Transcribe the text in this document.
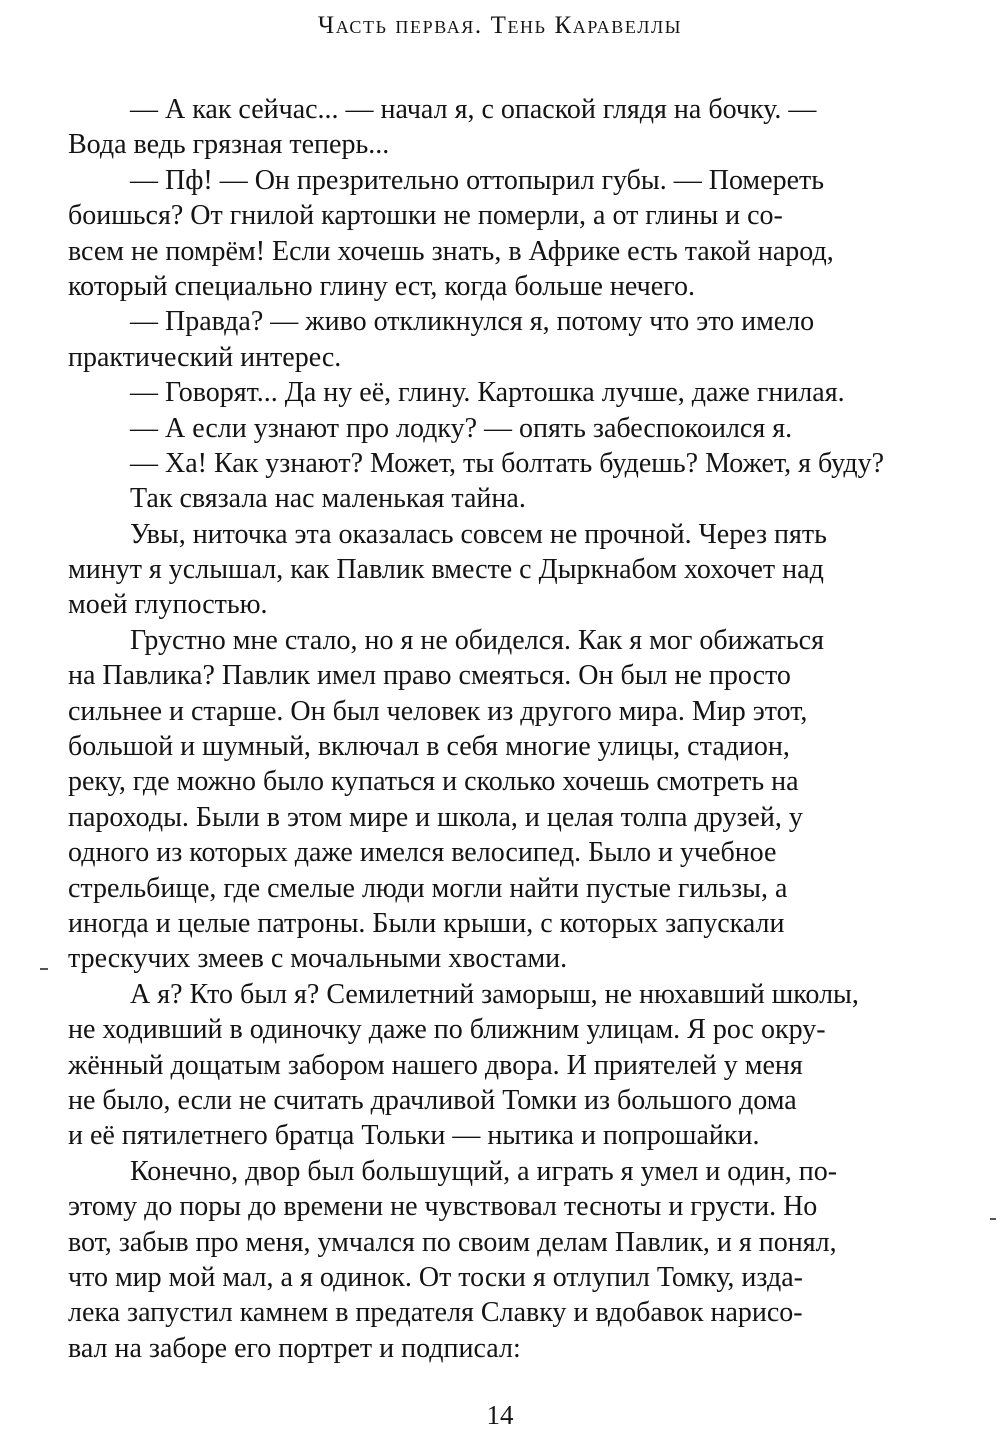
Часть первая. Тень Каравеллы
— А как сейчас... — начал я, с опаской глядя на бочку. —
Вода ведь грязная теперь...
— Пф! — Он презрительно оттопырил губы. — Помереть
боишься? От гнилой картошки не померли, а от глины и со-
всем не помрём! Если хочешь знать, в Африке есть такой народ,
который специально глину ест, когда больше нечего.
— Правда? — живо откликнулся я, потому что это имело
практический интерес.
— Говорят... Да ну её, глину. Картошка лучше, даже гнилая.
— А если узнают про лодку? — опять забеспокоился я.
— Ха! Как узнают? Может, ты болтать будешь? Может, я буду?
Так связала нас маленькая тайна.
Увы, ниточка эта оказалась совсем не прочной. Через пять
минут я услышал, как Павлик вместе с Дыркнабом хохочет над
моей глупостью.
Грустно мне стало, но я не обиделся. Как я мог обижаться
на Павлика? Павлик имел право смеяться. Он был не просто
сильнее и старше. Он был человек из другого мира. Мир этот,
большой и шумный, включал в себя многие улицы, стадион,
реку, где можно было купаться и сколько хочешь смотреть на
пароходы. Были в этом мире и школа, и целая толпа друзей, у
одного из которых даже имелся велосипед. Было и учебное
стрельбище, где смелые люди могли найти пустые гильзы, а
иногда и целые патроны. Были крыши, с которых запускали
трескучих змеев с мочальными хвостами.
А я? Кто был я? Семилетний заморыш, не нюхавший школы,
не ходивший в одиночку даже по ближним улицам. Я рос окру-
жённый дощатым забором нашего двора. И приятелей у меня
не было, если не считать драчливой Томки из большого дома
и её пятилетнего братца Тольки — нытика и попрошайки.
Конечно, двор был большущий, а играть я умел и один, по-
этому до поры до времени не чувствовал тесноты и грусти. Но
вот, забыв про меня, умчался по своим делам Павлик, и я понял,
что мир мой мал, а я одинок. От тоски я отлупил Томку, изда-
лека запустил камнем в предателя Славку и вдобавок нарисо-
вал на заборе его портрет и подписал:
14
